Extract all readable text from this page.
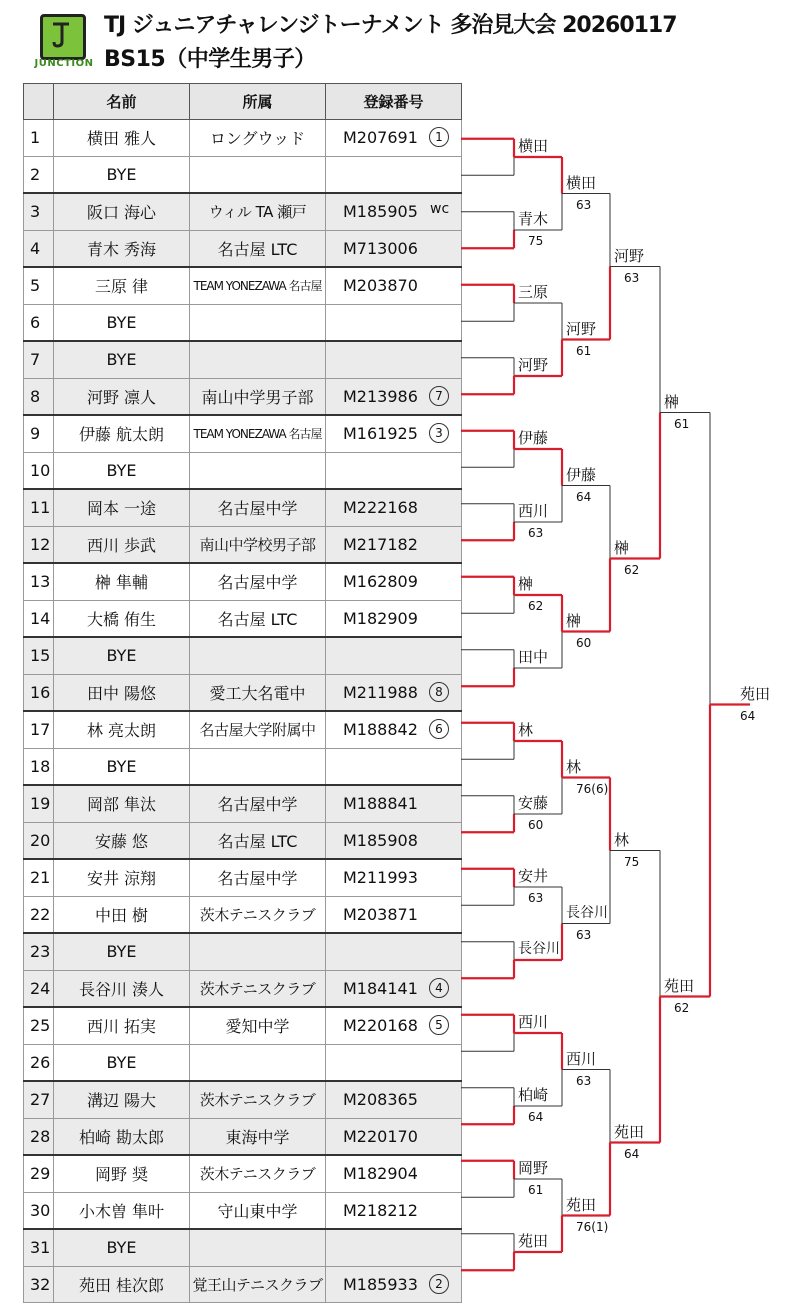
JUNCTION
TJ ジュニアチャレンジトーナメント 多治見大会 20260117
BS15（中学生男子）
	名前	所属	登録番号
1	横田 雅人	ロングウッド	M207691 1

2	BYE		
3	阪口 海心	ウィル TA 瀬戸	M185905 wc

4	青木 秀海	名古屋 LTC	M713006
5	三原 律	TEAM YONEZAWA 名古屋	M203870
6	BYE		
7	BYE		
8	河野 凛人	南山中学男子部	M213986 7

9	伊藤 航太朗	TEAM YONEZAWA 名古屋	M161925 3

10	BYE		
11	岡本 一途	名古屋中学	M222168
12	西川 歩武	南山中学校男子部	M217182
13	榊 隼輔	名古屋中学	M162809
14	大橋 侑生	名古屋 LTC	M182909
15	BYE		
16	田中 陽悠	愛工大名電中	M211988 8

17	林 亮太朗	名古屋大学附属中	M188842 6

18	BYE		
19	岡部 隼汰	名古屋中学	M188841
20	安藤 悠	名古屋 LTC	M185908
21	安井 涼翔	名古屋中学	M211993
22	中田 樹	茨木テニスクラブ	M203871
23	BYE		
24	長谷川 湊人	茨木テニスクラブ	M184141 4

25	西川 拓実	愛知中学	M220168 5

26	BYE		
27	溝辺 陽大	茨木テニスクラブ	M208365
28	柏崎 勘太郎	東海中学	M220170
29	岡野 奨	茨木テニスクラブ	M182904
30	小木曽 隼叶	守山東中学	M218212
31	BYE		
32	苑田 桂次郎	覚王山テニスクラブ	M185933 2
横田
青木
75
三原
河野
伊藤
西川
63
榊
62
田中
林
安藤
60
安井
63
長谷川
西川
柏崎
64
岡野
61
苑田
横田
63
河野
61
伊藤
64
榊
60
林
76(6)
長谷川
63
西川
63
苑田
76(1)
河野
63
榊
62
林
75
苑田
64
榊
61
苑田
62
苑田
64
